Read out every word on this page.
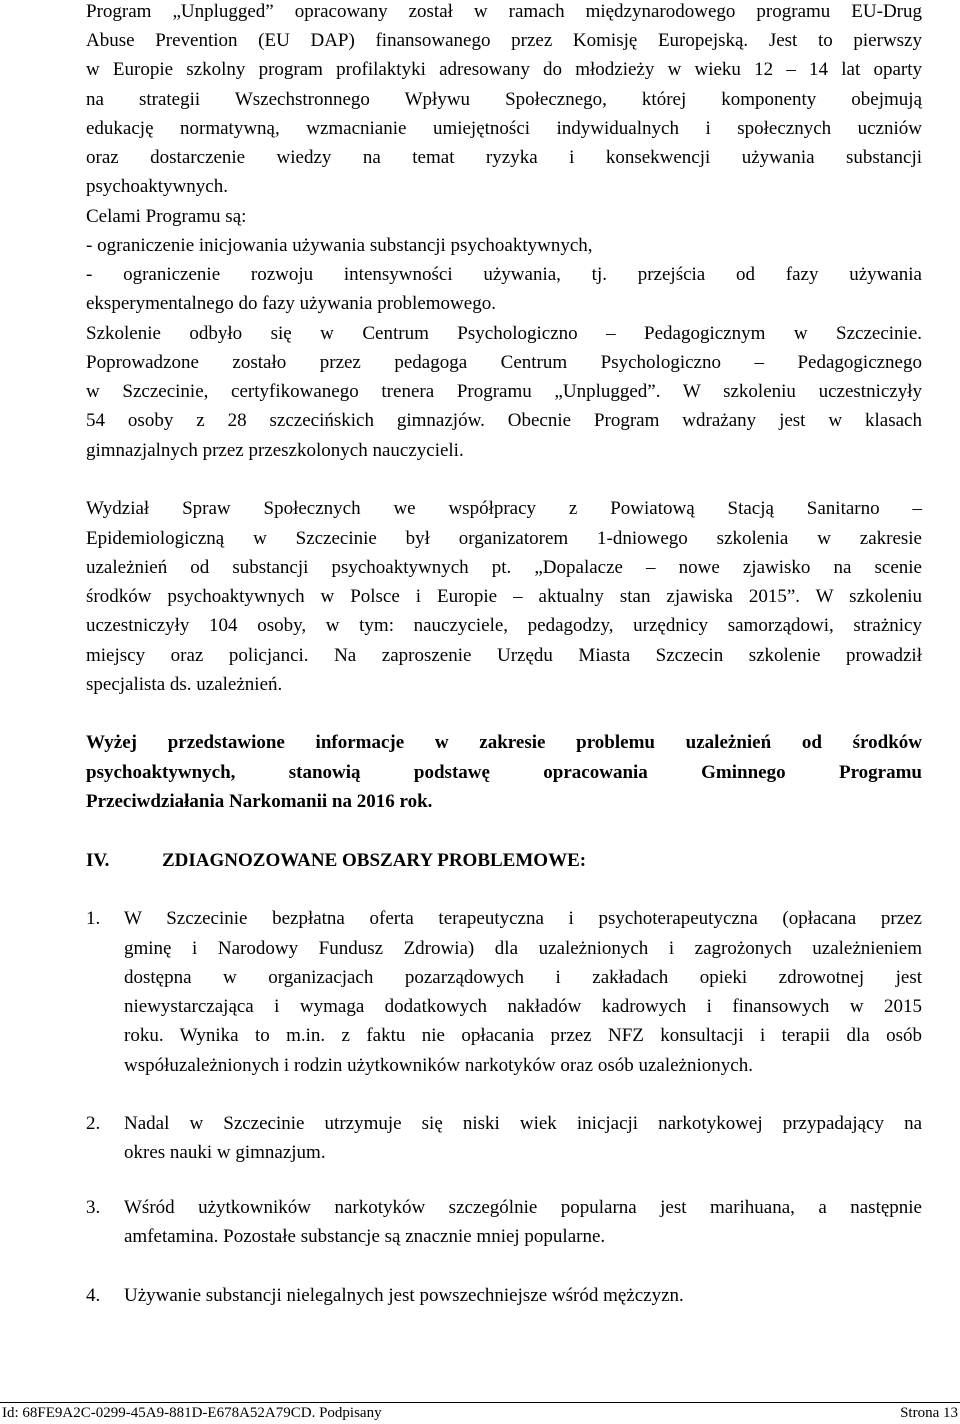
Program „Unplugged” opracowany został w ramach międzynarodowego programu EU-Drug
Abuse Prevention (EU DAP) finansowanego przez Komisję Europejską. Jest to pierwszy
w Europie szkolny program profilaktyki adresowany do młodzieży w wieku 12 – 14 lat oparty
na strategii Wszechstronnego Wpływu Społecznego, której komponenty obejmują
edukację normatywną, wzmacnianie umiejętności indywidualnych i społecznych uczniów
oraz dostarczenie wiedzy na temat ryzyka i konsekwencji używania substancji
psychoaktywnych.
Celami Programu są:
- ograniczenie inicjowania używania substancji psychoaktywnych,
- ograniczenie rozwoju intensywności używania, tj. przejścia od fazy używania
eksperymentalnego do fazy używania problemowego.
Szkolenie odbyło się w Centrum Psychologiczno – Pedagogicznym w Szczecinie.
Poprowadzone zostało przez pedagoga Centrum Psychologiczno – Pedagogicznego
w Szczecinie, certyfikowanego trenera Programu „Unplugged”. W szkoleniu uczestniczyły
54 osoby z 28 szczecińskich gimnazjów. Obecnie Program wdrażany jest w klasach
gimnazjalnych przez przeszkolonych nauczycieli.
Wydział Spraw Społecznych we współpracy z Powiatową Stacją Sanitarno –
Epidemiologiczną w Szczecinie był organizatorem 1-dniowego szkolenia w zakresie
uzależnień od substancji psychoaktywnych pt. „Dopalacze – nowe zjawisko na scenie
środków psychoaktywnych w Polsce i Europie – aktualny stan zjawiska 2015”. W szkoleniu
uczestniczyły 104 osoby, w tym: nauczyciele, pedagodzy, urzędnicy samorządowi, strażnicy
miejscy oraz policjanci. Na zaproszenie Urzędu Miasta Szczecin szkolenie prowadził
specjalista ds. uzależnień.
Wyżej przedstawione informacje w zakresie problemu uzależnień od środków
psychoaktywnych, stanowią podstawę opracowania Gminnego Programu
Przeciwdziałania Narkomanii na 2016 rok.
IV.	ZDIAGNOZOWANE OBSZARY PROBLEMOWE:
1. W Szczecinie bezpłatna oferta terapeutyczna i psychoterapeutyczna (opłacana przez
gminę i Narodowy Fundusz Zdrowia) dla uzależnionych i zagrożonych uzależnieniem
dostępna w organizacjach pozarządowych i zakładach opieki zdrowotnej jest
niewystarczająca i wymaga dodatkowych nakładów kadrowych i finansowych w 2015
roku. Wynika to m.in. z faktu nie opłacania przez NFZ konsultacji i terapii dla osób
współuzależnionych i rodzin użytkowników narkotyków oraz osób uzależnionych.
2. Nadal w Szczecinie utrzymuje się niski wiek inicjacji narkotykowej przypadający na
okres nauki w gimnazjum.
3. Wśród użytkowników narkotyków szczególnie popularna jest marihuana, a następnie
amfetamina. Pozostałe substancje są znacznie mniej popularne.
4. Używanie substancji nielegalnych jest powszechniejsze wśród mężczyzn.
Id: 68FE9A2C-0299-45A9-881D-E678A52A79CD. Podpisany	Strona 13
